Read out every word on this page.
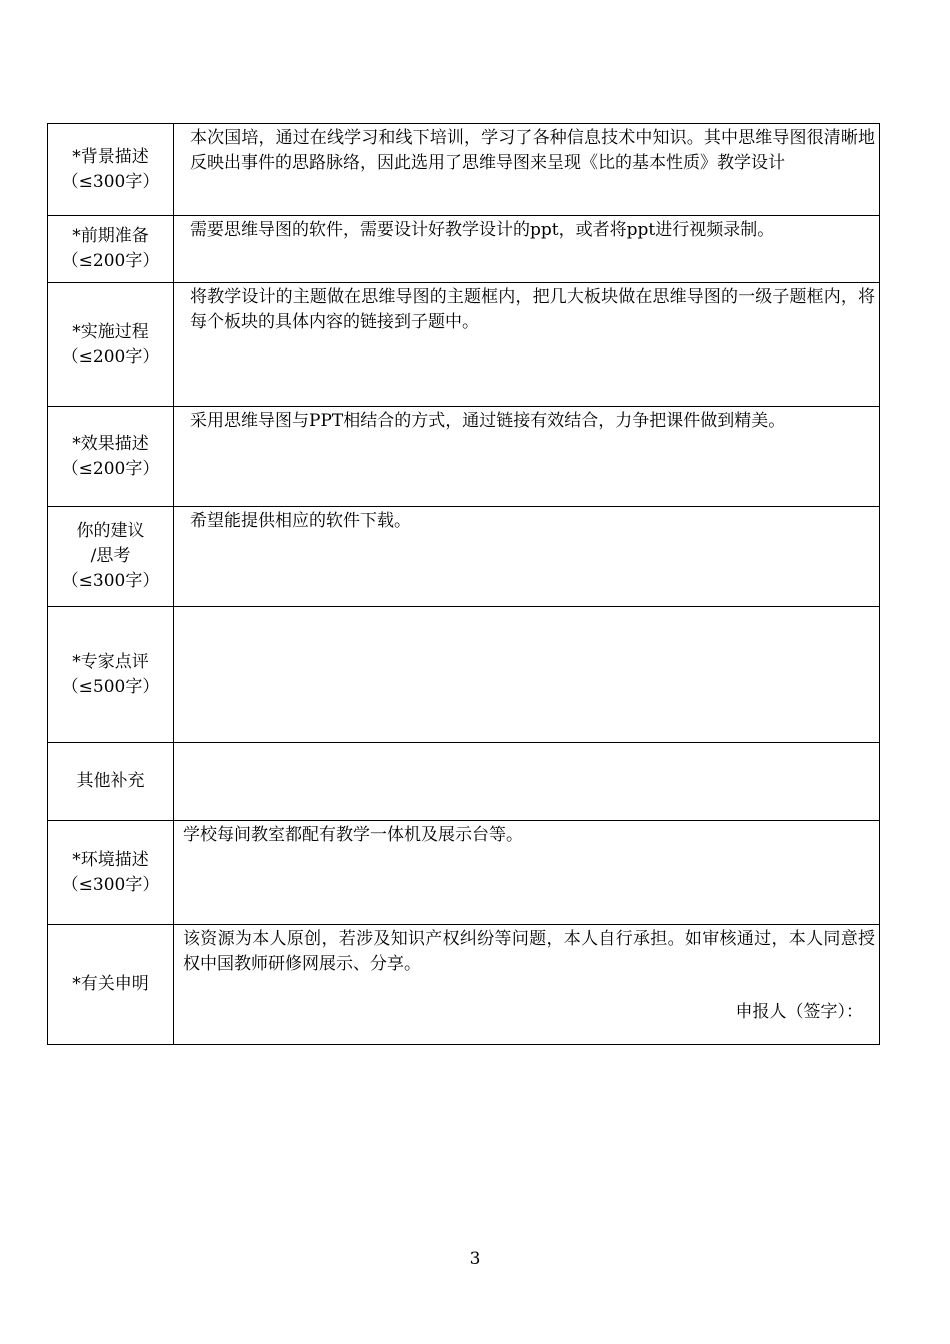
*背景描述
（≤300字）	本次国培，通过在线学习和线下培训，学习了各种信息技术中知识。其中思维导图很清晰地反映出事件的思路脉络，因此选用了思维导图来呈现《比的基本性质》教学设计

*前期准备
（≤200字）	需要思维导图的软件，需要设计好教学设计的ppt，或者将ppt进行视频录制。

*实施过程
（≤200字）	将教学设计的主题做在思维导图的主题框内，把几大板块做在思维导图的一级子题框内，将每个板块的具体内容的链接到子题中。

*效果描述
（≤200字）	采用思维导图与PPT相结合的方式，通过链接有效结合，力争把课件做到精美。

你的建议
/思考
（≤300字）	希望能提供相应的软件下载。

*专家点评
（≤500字）	

其他补充	

*环境描述
（≤300字）	学校每间教室都配有教学一体机及展示台等。

*有关申明	该资源为本人原创，若涉及知识产权纠纷等问题，本人自行承担。如审核通过，本人同意授权中国教师研修网展示、分享。
申报人（签字）：
3
